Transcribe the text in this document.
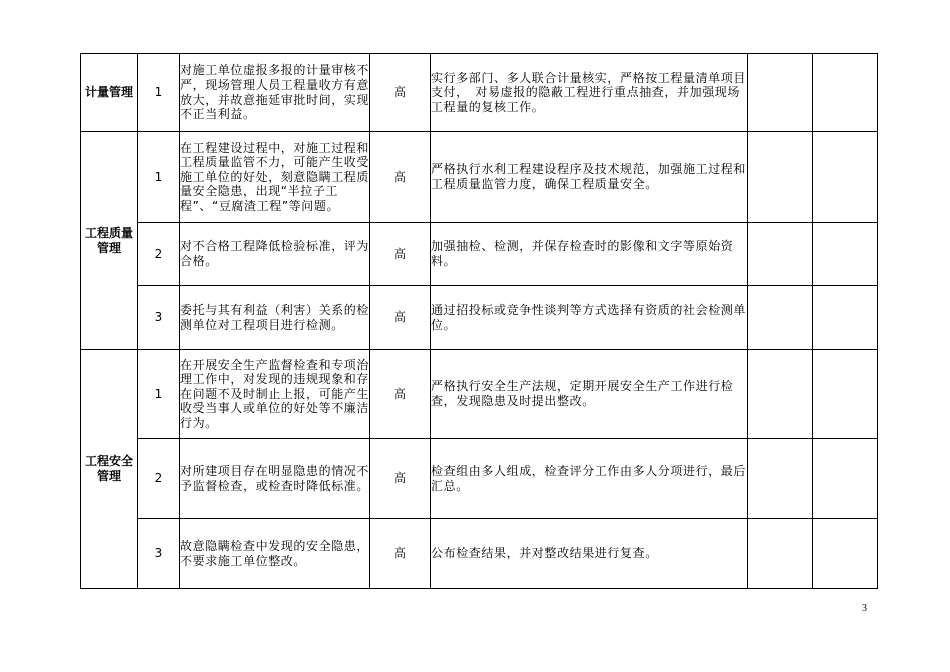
计量管理	1	对施工单位虚报多报的计量审核不严，现场管理人员工程量收方有意放大，并故意拖延审批时间，实现不正当利益。	高	实行多部门、多人联合计量核实，严格按工程量清单项目支付，　对易虚报的隐蔽工程进行重点抽查，并加强现场工程量的复核工作。		
工程质量管理	1	在工程建设过程中，对施工过程和工程质量监管不力，可能产生收受施工单位的好处，刻意隐瞒工程质量安全隐患，出现“半拉子工程”、“豆腐渣工程”等问题。	高	严格执行水利工程建设程序及技术规范，加强施工过程和工程质量监管力度，确保工程质量安全。		
	2	对不合格工程降低检验标准，评为合格。	高	加强抽检、检测，并保存检查时的影像和文字等原始资料。		
	3	委托与其有利益（利害）关系的检测单位对工程项目进行检测。	高	通过招投标或竞争性谈判等方式选择有资质的社会检测单位。		
工程安全管理	1	在开展安全生产监督检查和专项治理工作中，对发现的违规现象和存在问题不及时制止上报，可能产生收受当事人或单位的好处等不廉洁行为。	高	严格执行安全生产法规，定期开展安全生产工作进行检查，发现隐患及时提出整改。		
	2	对所建项目存在明显隐患的情况不予监督检查，或检查时降低标准。	高	检查组由多人组成，检查评分工作由多人分项进行，最后汇总。		
	3	故意隐瞒检查中发现的安全隐患，不要求施工单位整改。	高	公布检查结果，并对整改结果进行复查。		
3
